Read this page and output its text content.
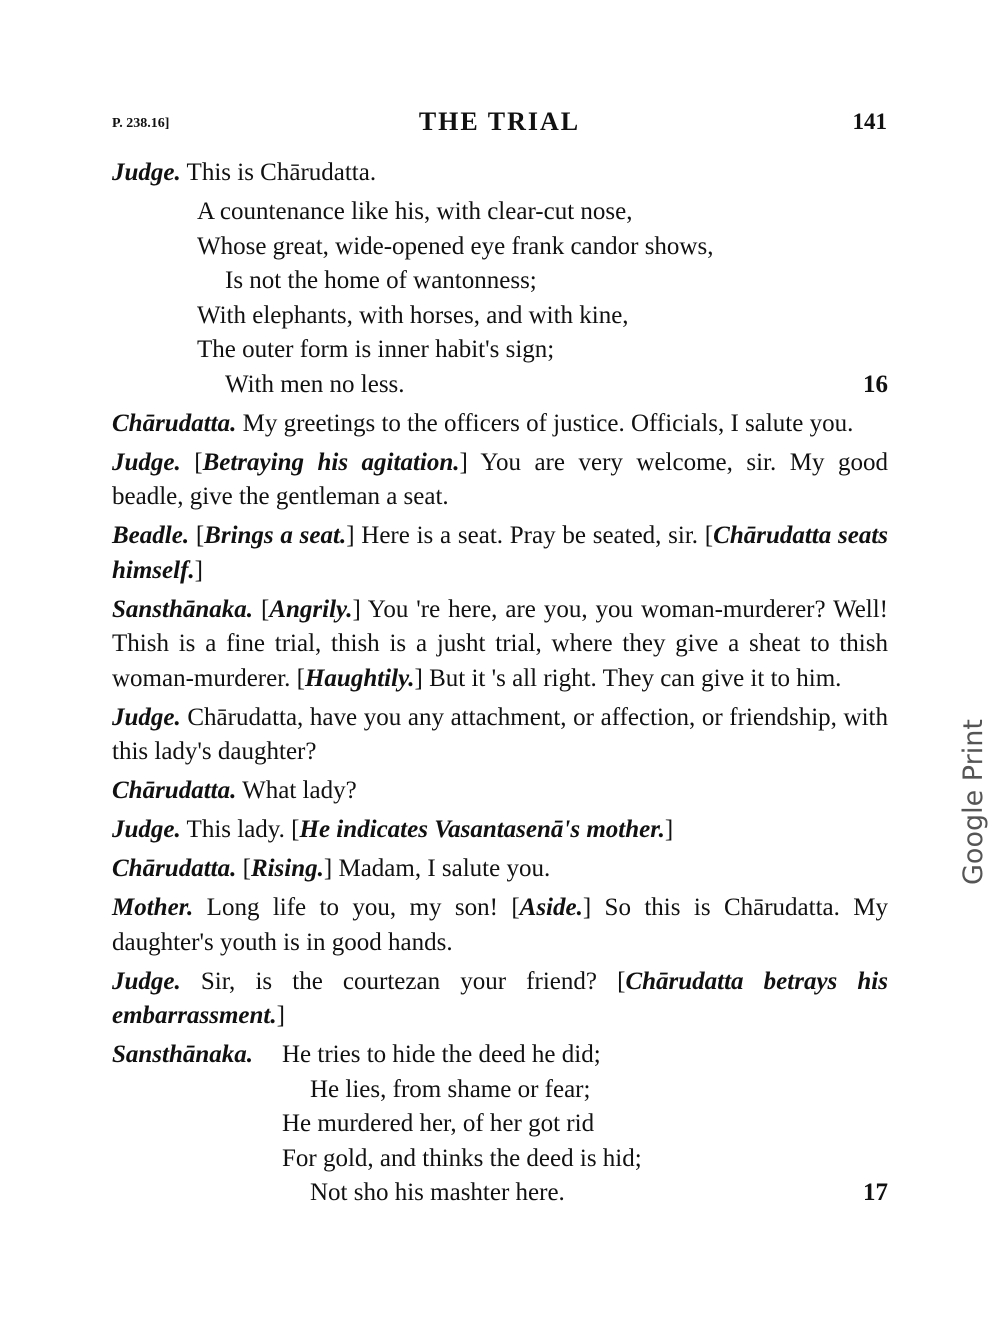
P. 238.16]	THE TRIAL	141

Judge. This is Chārudatta.

A countenance like his, with clear-cut nose,
Whose great, wide-opened eye frank candor shows,
Is not the home of wantonness;
With elephants, with horses, and with kine,
The outer form is inner habit's sign;
With men no less.	16

Chārudatta. My greetings to the officers of justice. Officials, I salute you.

Judge. [Betraying his agitation.] You are very welcome, sir. My good beadle, give the gentleman a seat.

Beadle. [Brings a seat.] Here is a seat. Pray be seated, sir. [Chārudatta seats himself.]

Sansthānaka. [Angrily.] You 're here, are you, you woman-murderer? Well! Thish is a fine trial, thish is a jusht trial, where they give a sheat to thish woman-murderer. [Haughtily.] But it 's all right. They can give it to him.

Judge. Chārudatta, have you any attachment, or affection, or friendship, with this lady's daughter?

Chārudatta. What lady?

Judge. This lady. [He indicates Vasantasenā's mother.]

Chārudatta. [Rising.] Madam, I salute you.

Mother. Long life to you, my son! [Aside.] So this is Chārudatta. My daughter's youth is in good hands.

Judge. Sir, is the courtezan your friend? [Chārudatta betrays his embarrassment.]

Sansthānaka. He tries to hide the deed he did;
He lies, from shame or fear;
He murdered her, of her got rid
For gold, and thinks the deed is hid;
Not sho his mashter here.	17
Google Print
